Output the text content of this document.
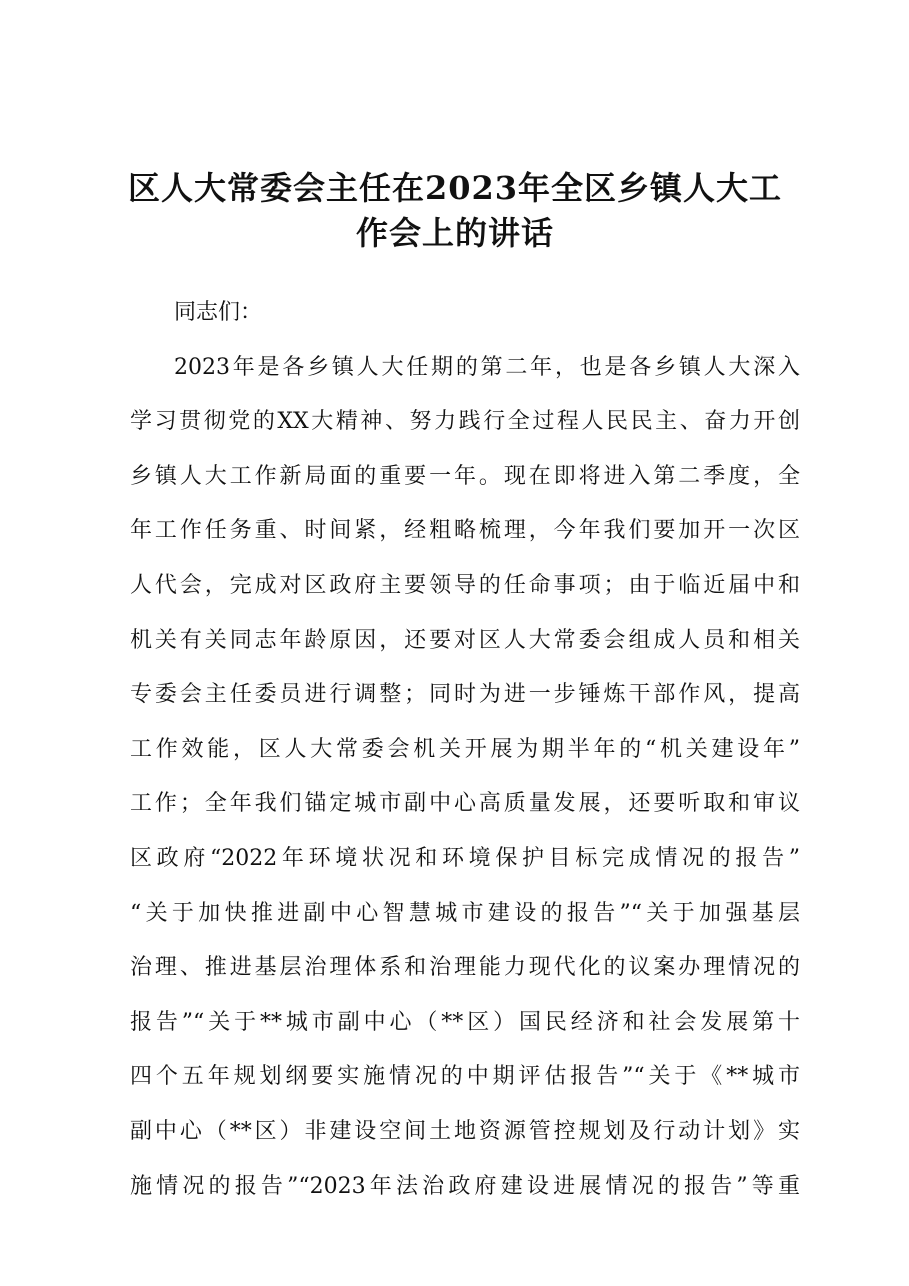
区人大常委会主任在2023年全区乡镇人大工
作会上的讲话
同志们：
2023年是各乡镇人大任期的第二年，也是各乡镇人大深入
学习贯彻党的XX大精神、努力践行全过程人民民主、奋力开创
乡镇人大工作新局面的重要一年。现在即将进入第二季度，全
年工作任务重、时间紧，经粗略梳理，今年我们要加开一次区
人代会，完成对区政府主要领导的任命事项；由于临近届中和
机关有关同志年龄原因，还要对区人大常委会组成人员和相关
专委会主任委员进行调整；同时为进一步锤炼干部作风，提高
工作效能，区人大常委会机关开展为期半年的“机关建设年”
工作；全年我们锚定城市副中心高质量发展，还要听取和审议
区政府“2022年环境状况和环境保护目标完成情况的报告”
“关于加快推进副中心智慧城市建设的报告”“关于加强基层
治理、推进基层治理体系和治理能力现代化的议案办理情况的
报告”“关于**城市副中心（**区）国民经济和社会发展第十
四个五年规划纲要实施情况的中期评估报告”“关于《**城市
副中心（**区）非建设空间土地资源管控规划及行动计划》实
施情况的报告”“2023年法治政府建设进展情况的报告”等重
